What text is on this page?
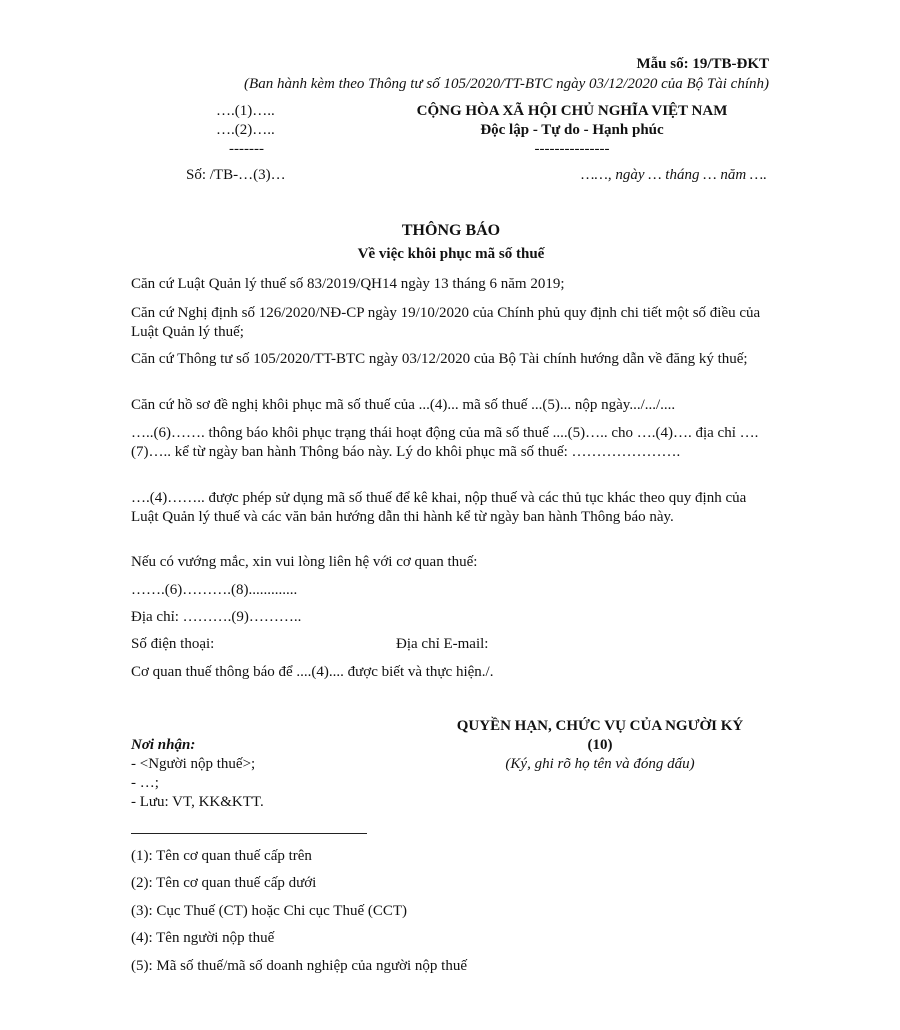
Mẫu số: 19/TB-ĐKT
(Ban hành kèm theo Thông tư số 105/2020/TT-BTC ngày 03/12/2020 của Bộ Tài chính)
….(1)…..
….(2)…..
-------
CỘNG HÒA XÃ HỘI CHỦ NGHĨA VIỆT NAM
Độc lập - Tự do - Hạnh phúc
---------------
Số: /TB-…(3)…	……, ngày … tháng … năm ….
THÔNG BÁO
Về việc khôi phục mã số thuế
Căn cứ Luật Quản lý thuế số 83/2019/QH14 ngày 13 tháng 6 năm 2019;
Căn cứ Nghị định số 126/2020/NĐ-CP ngày 19/10/2020 của Chính phủ quy định chi tiết một số điều của Luật Quản lý thuế;
Căn cứ Thông tư số 105/2020/TT-BTC ngày 03/12/2020 của Bộ Tài chính hướng dẫn về đăng ký thuế;
Căn cứ hồ sơ đề nghị khôi phục mã số thuế của ...(4)... mã số thuế ...(5)... nộp ngày.../.../....
…..(6)……. thông báo khôi phục trạng thái hoạt động của mã số thuế ....(5)….. cho ….(4)…. địa chỉ ….(7)….. kể từ ngày ban hành Thông báo này. Lý do khôi phục mã số thuế: ………………….
….(4)…….. được phép sử dụng mã số thuế để kê khai, nộp thuế và các thủ tục khác theo quy định của Luật Quản lý thuế và các văn bản hướng dẫn thi hành kể từ ngày ban hành Thông báo này.
Nếu có vướng mắc, xin vui lòng liên hệ với cơ quan thuế:
…….(6)……….(8).............
Địa chỉ: ……….(9)………..
Số điện thoại:	Địa chỉ E-mail:
Cơ quan thuế thông báo để ....(4).... được biết và thực hiện./.
QUYỀN HẠN, CHỨC VỤ CỦA NGƯỜI KÝ
(10)
(Ký, ghi rõ họ tên và đóng dấu)
Nơi nhận:
- <Người nộp thuế>;
- …;
- Lưu: VT, KK&KTT.
(1): Tên cơ quan thuế cấp trên
(2): Tên cơ quan thuế cấp dưới
(3): Cục Thuế (CT) hoặc Chi cục Thuế (CCT)
(4): Tên người nộp thuế
(5): Mã số thuế/mã số doanh nghiệp của người nộp thuế
